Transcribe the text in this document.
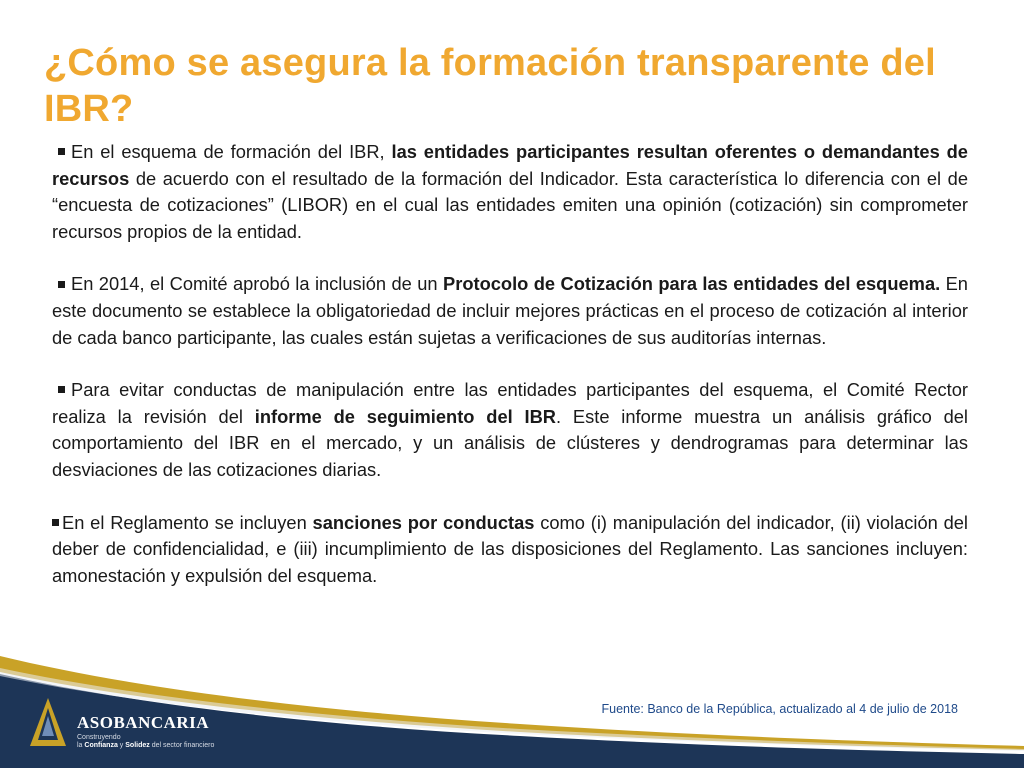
¿Cómo se asegura la formación transparente del IBR?
En el esquema de formación del IBR, las entidades participantes resultan oferentes o demandantes de recursos de acuerdo con el resultado de la formación del Indicador. Esta característica lo diferencia con el de “encuesta de cotizaciones” (LIBOR) en el cual las entidades emiten una opinión (cotización) sin comprometer recursos propios de la entidad.
En 2014, el Comité aprobó la inclusión de un Protocolo de Cotización para las entidades del esquema. En este documento se establece la obligatoriedad de incluir mejores prácticas en el proceso de cotización al interior de cada banco participante, las cuales están sujetas a verificaciones de sus auditorías internas.
Para evitar conductas de manipulación entre las entidades participantes del esquema, el Comité Rector realiza la revisión del informe de seguimiento del IBR. Este informe muestra un análisis gráfico del comportamiento del IBR en el mercado, y un análisis de clústeres y dendrogramas para determinar las desviaciones de las cotizaciones diarias.
En el Reglamento se incluyen sanciones por conductas como (i) manipulación del indicador, (ii) violación del deber de confidencialidad, e (iii) incumplimiento de las disposiciones del Reglamento. Las sanciones incluyen: amonestación y expulsión del esquema.

Fuente: Banco de la República, actualizado al 4 de julio de 2018

ASOBANCARIA

Construyendo

la Confianza y Solidez del sector financiero
